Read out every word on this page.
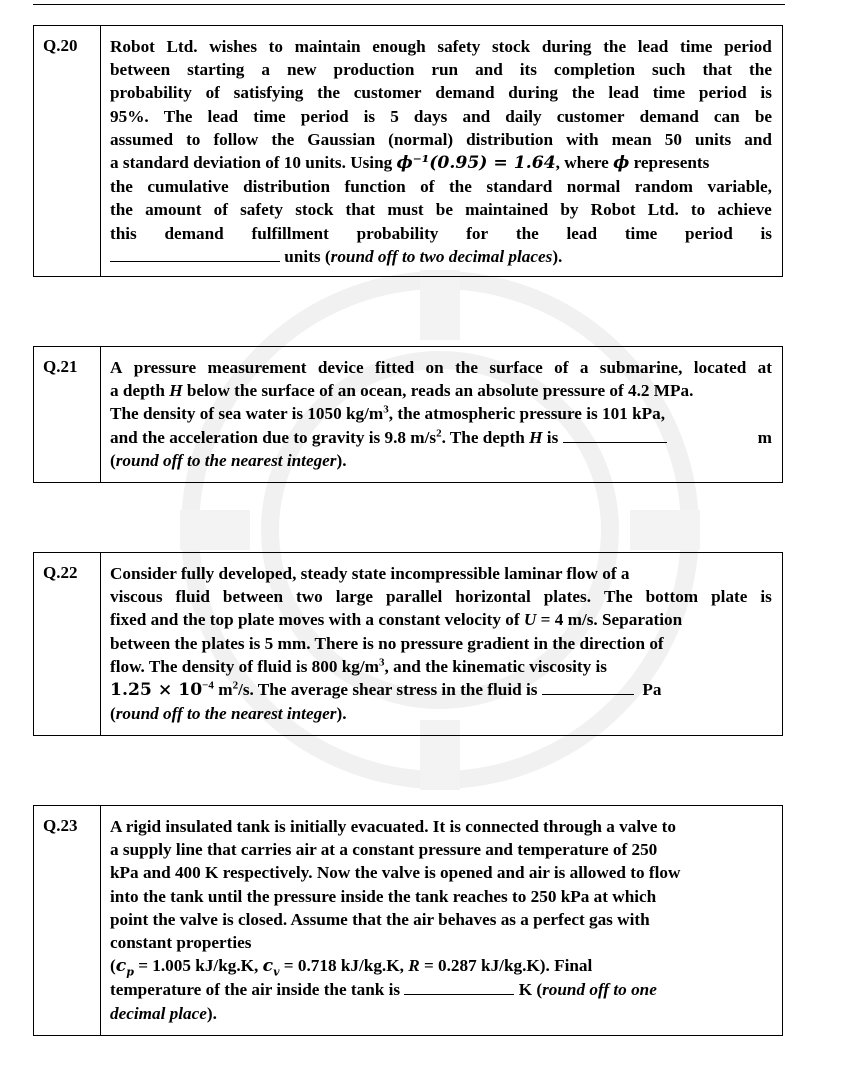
Q.20	Robot Ltd. wishes to maintain enough safety stock during the lead time period
between starting a new production run and its completion such that the
probability of satisfying the customer demand during the lead time period is
95%. The lead time period is 5 days and daily customer demand can be
assumed to follow the Gaussian (normal) distribution with mean 50 units and
a standard deviation of 10 units. Using ϕ⁻¹(0.95) = 1.64, where ϕ represents
the cumulative distribution function of the standard normal random variable,
the amount of safety stock that must be maintained by Robot Ltd. to achieve
this demand fulfillment probability for the lead time period is
units (round off to two decimal places).
Q.21	A pressure measurement device fitted on the surface of a submarine, located at
a depth H below the surface of an ocean, reads an absolute pressure of 4.2 MPa.
The density of sea water is 1050 $kg/m^3$, the atmospheric pressure is 101 kPa,
and the acceleration due to gravity is 9.8 $m/s^2$. The depth H is	m
(round off to the nearest integer).
Q.22	Consider fully developed, steady state incompressible laminar flow of a
viscous fluid between two large parallel horizontal plates. The bottom plate is
fixed and the top plate moves with a constant velocity of U = 4 m/s. Separation
between the plates is 5 mm. There is no pressure gradient in the direction of
flow. The density of fluid is 800 $kg/m^3$, and the kinematic viscosity is
$1.25 \times 10^{-4}$ $m^2/s$. The average shear stress in the fluid is	Pa
(round off to the nearest integer).
Q.23	A rigid insulated tank is initially evacuated. It is connected through a valve to
a supply line that carries air at a constant pressure and temperature of 250
kPa and 400 K respectively. Now the valve is opened and air is allowed to flow
into the tank until the pressure inside the tank reaches to 250 kPa at which
point the valve is closed. Assume that the air behaves as a perfect gas with
constant properties
($c_p = 1.005$ kJ/kg.K, $c_v = 0.718$ kJ/kg.K, R = 0.287 kJ/kg.K). Final
temperature of the air inside the tank is	K (round off to one
decimal place).
